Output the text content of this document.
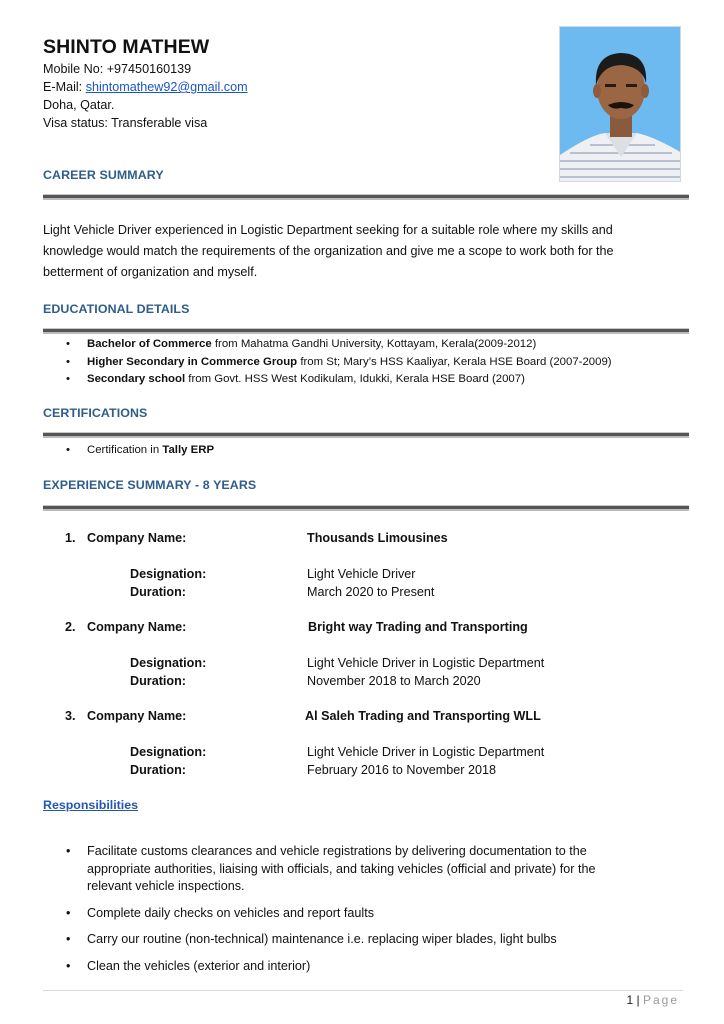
SHINTO MATHEW
Mobile No: +97450160139
E-Mail: shintomathew92@gmail.com
Doha, Qatar.
Visa status: Transferable visa
CAREER SUMMARY
Light Vehicle Driver experienced in Logistic Department seeking for a suitable role where my skills and
knowledge would match the requirements of the organization and give me a scope to work both for the
betterment of organization and myself.
EDUCATIONAL DETAILS
• Bachelor of Commerce from Mahatma Gandhi University, Kottayam, Kerala(2009-2012)
• Higher Secondary in Commerce Group from St; Mary’s HSS Kaaliyar, Kerala HSE Board (2007-2009)
• Secondary school from Govt. HSS West Kodikulam, Idukki, Kerala HSE Board (2007)
CERTIFICATIONS
• Certification in Tally ERP
EXPERIENCE SUMMARY - 8 YEARS
1. Company Name:	Thousands Limousines
Designation:	Light Vehicle Driver
Duration:	March 2020 to Present
2. Company Name:	Bright way Trading and Transporting
Designation:	Light Vehicle Driver in Logistic Department
Duration:	November 2018 to March 2020
3. Company Name:	Al Saleh Trading and Transporting WLL
Designation:	Light Vehicle Driver in Logistic Department
Duration:	February 2016 to November 2018
Responsibilities
• Facilitate customs clearances and vehicle registrations by delivering documentation to the appropriate authorities, liaising with officials, and taking vehicles (official and private) for the relevant vehicle inspections.
• Complete daily checks on vehicles and report faults
• Carry our routine (non-technical) maintenance i.e. replacing wiper blades, light bulbs
• Clean the vehicles (exterior and interior)
1 | Page
